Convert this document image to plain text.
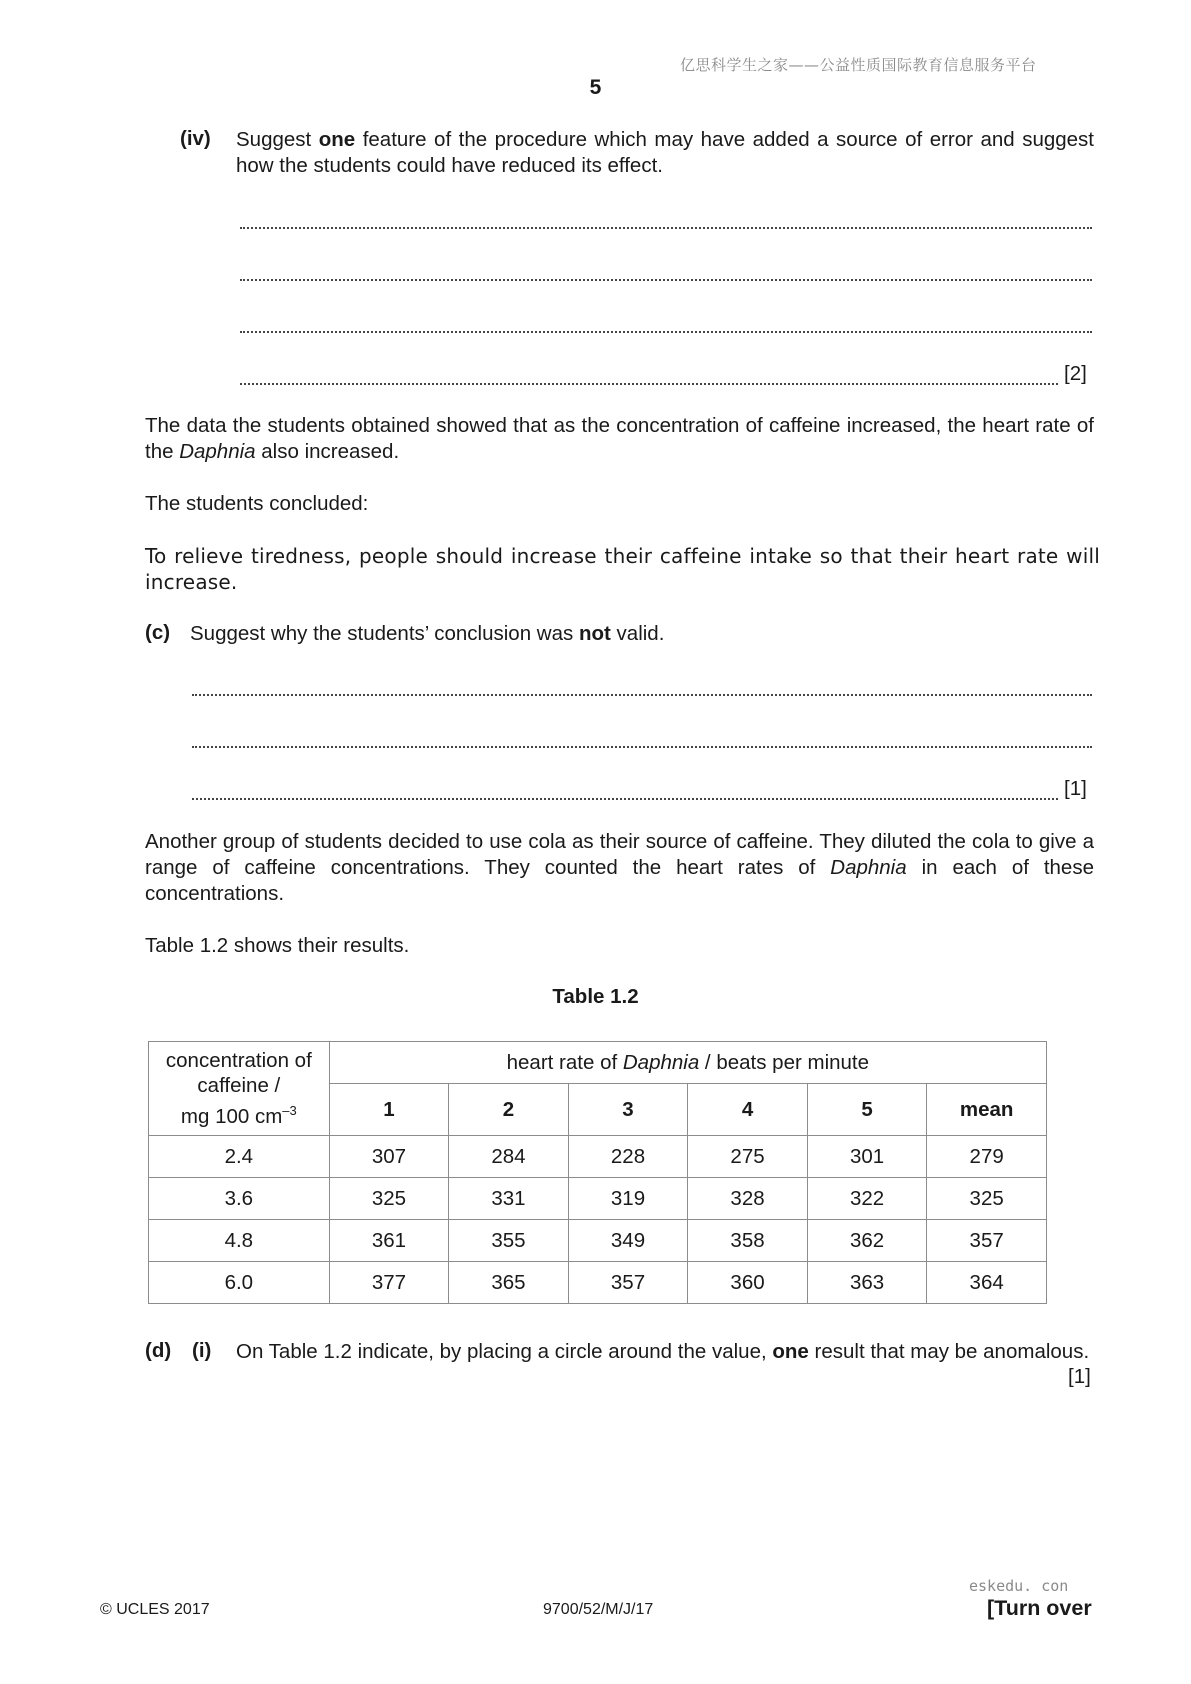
亿思科学生之家——公益性质国际教育信息服务平台
5
(iv) Suggest one feature of the procedure which may have added a source of error and suggest how the students could have reduced its effect.
[2]
The data the students obtained showed that as the concentration of caffeine increased, the heart rate of the Daphnia also increased.
The students concluded:
To relieve tiredness, people should increase their caffeine intake so that their heart rate will increase.
(c) Suggest why the students’ conclusion was not valid.
[1]
Another group of students decided to use cola as their source of caffeine. They diluted the cola to give a range of caffeine concentrations. They counted the heart rates of Daphnia in each of these concentrations.
Table 1.2 shows their results.
Table 1.2
concentration of
caffeine /
mg 100 $cm^{-3}$	heart rate of Daphnia / beats per minute					
	1	2	3	4	5	mean
2.4	307	284	228	275	301	279
3.6	325	331	319	328	322	325
4.8	361	355	349	358	362	357
6.0	377	365	357	360	363	364
(d) (i) On Table 1.2 indicate, by placing a circle around the value, one result that may be anomalous.
[1]
eskedu. con
© UCLES 2017	9700/52/M/J/17	[Turn over
